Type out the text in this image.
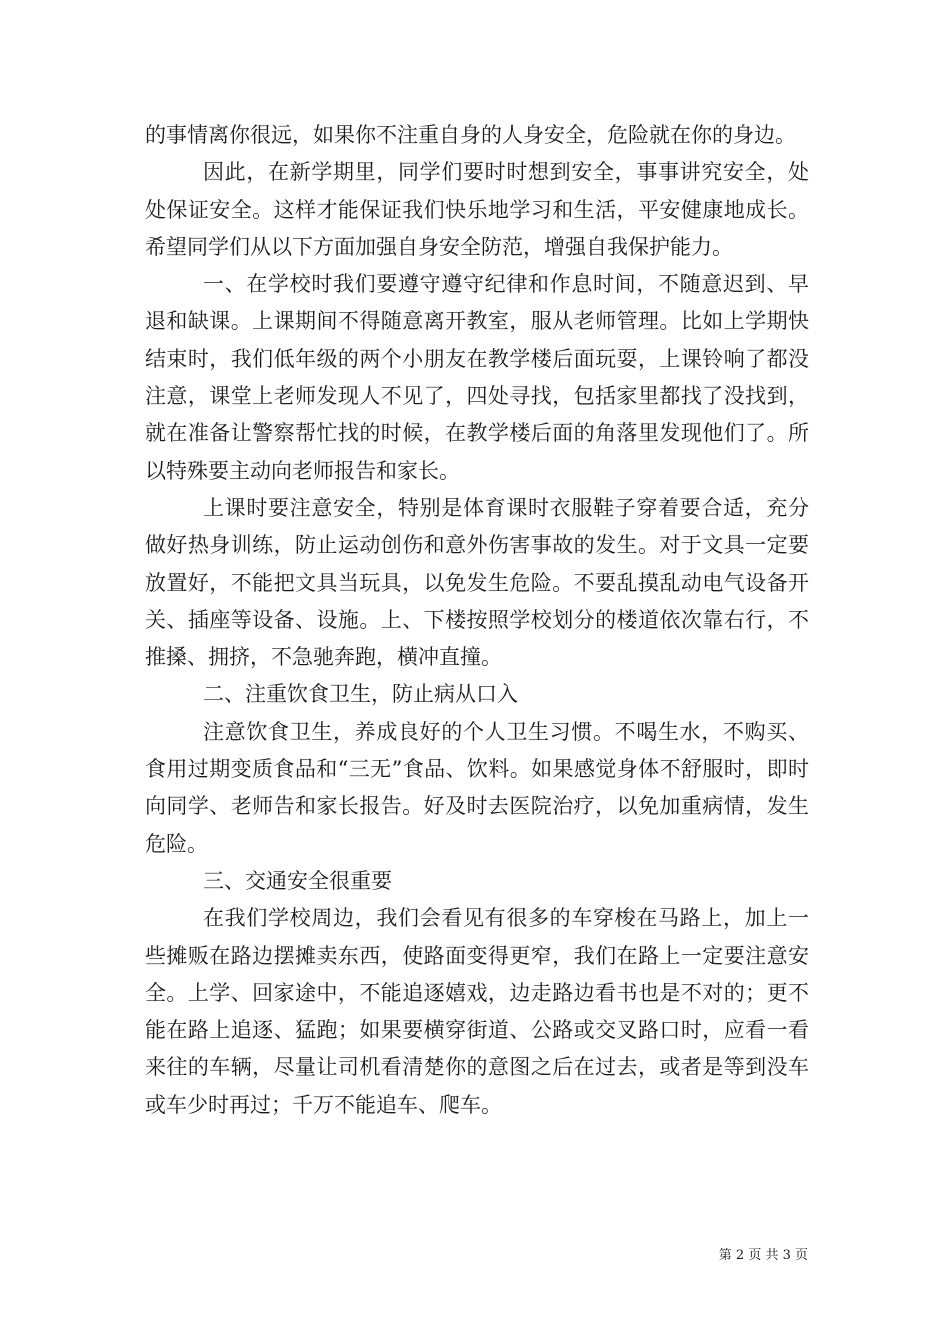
的事情离你很远，如果你不注重自身的人身安全，危险就在你的身边。

因此，在新学期里，同学们要时时想到安全，事事讲究安全，处处保证安全。这样才能保证我们快乐地学习和生活，平安健康地成长。希望同学们从以下方面加强自身安全防范，增强自我保护能力。

一、在学校时我们要遵守遵守纪律和作息时间，不随意迟到、早退和缺课。上课期间不得随意离开教室，服从老师管理。比如上学期快结束时，我们低年级的两个小朋友在教学楼后面玩耍，上课铃响了都没注意，课堂上老师发现人不见了，四处寻找，包括家里都找了没找到，就在准备让警察帮忙找的时候，在教学楼后面的角落里发现他们了。所以特殊要主动向老师报告和家长。

上课时要注意安全，特别是体育课时衣服鞋子穿着要合适，充分做好热身训练，防止运动创伤和意外伤害事故的发生。对于文具一定要放置好，不能把文具当玩具，以免发生危险。不要乱摸乱动电气设备开关、插座等设备、设施。上、下楼按照学校划分的楼道依次靠右行，不推搡、拥挤，不急驰奔跑，横冲直撞。

二、注重饮食卫生，防止病从口入

注意饮食卫生，养成良好的个人卫生习惯。不喝生水，不购买、食用过期变质食品和“三无”食品、饮料。如果感觉身体不舒服时，即时向同学、老师告和家长报告。好及时去医院治疗，以免加重病情，发生危险。

三、交通安全很重要

在我们学校周边，我们会看见有很多的车穿梭在马路上，加上一些摊贩在路边摆摊卖东西，使路面变得更窄，我们在路上一定要注意安全。上学、回家途中，不能追逐嬉戏，边走路边看书也是不对的；更不能在路上追逐、猛跑；如果要横穿街道、公路或交叉路口时，应看一看来往的车辆，尽量让司机看清楚你的意图之后在过去，或者是等到没车或车少时再过；千万不能追车、爬车。

第 2 页 共 3 页
